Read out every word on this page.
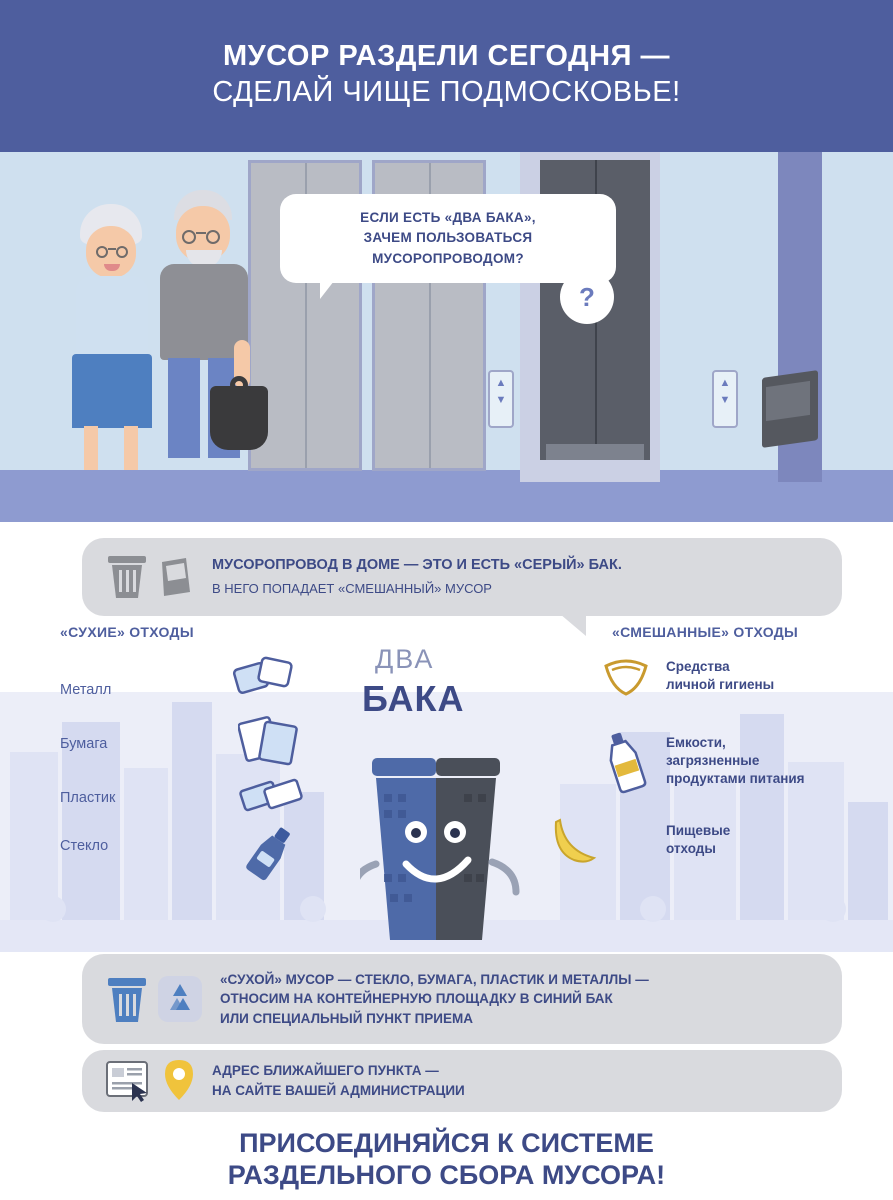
МУСОР РАЗДЕЛИ СЕГОДНЯ —
СДЕЛАЙ ЧИЩЕ ПОДМОСКОВЬЕ!
▲
▼
▲
▼
ЕСЛИ ЕСТЬ «ДВА БАКА»,
ЗАЧЕМ ПОЛЬЗОВАТЬСЯ
МУСОРОПРОВОДОМ?
?
МУСОРОПРОВОД В ДОМЕ — ЭТО И ЕСТЬ «СЕРЫЙ» БАК.
В НЕГО ПОПАДАЕТ «СМЕШАННЫЙ» МУСОР
«СУХИЕ» ОТХОДЫ	«СМЕШАННЫЕ» ОТХОДЫ
Металл
Бумага
Пластик
Стекло
Средства
личной гигиены
Емкости,
загрязненные
продуктами питания
Пищевые
отходы
ДВА
БАКА
«СУХОЙ» МУСОР — СТЕКЛО, БУМАГА, ПЛАСТИК И МЕТАЛЛЫ —
ОТНОСИМ НА КОНТЕЙНЕРНУЮ ПЛОЩАДКУ В СИНИЙ БАК
ИЛИ СПЕЦИАЛЬНЫЙ ПУНКТ ПРИЕМА
АДРЕС БЛИЖАЙШЕГО ПУНКТА —
НА САЙТЕ ВАШЕЙ АДМИНИСТРАЦИИ
ПРИСОЕДИНЯЙСЯ К СИСТЕМЕ
РАЗДЕЛЬНОГО СБОРА МУСОРА!
